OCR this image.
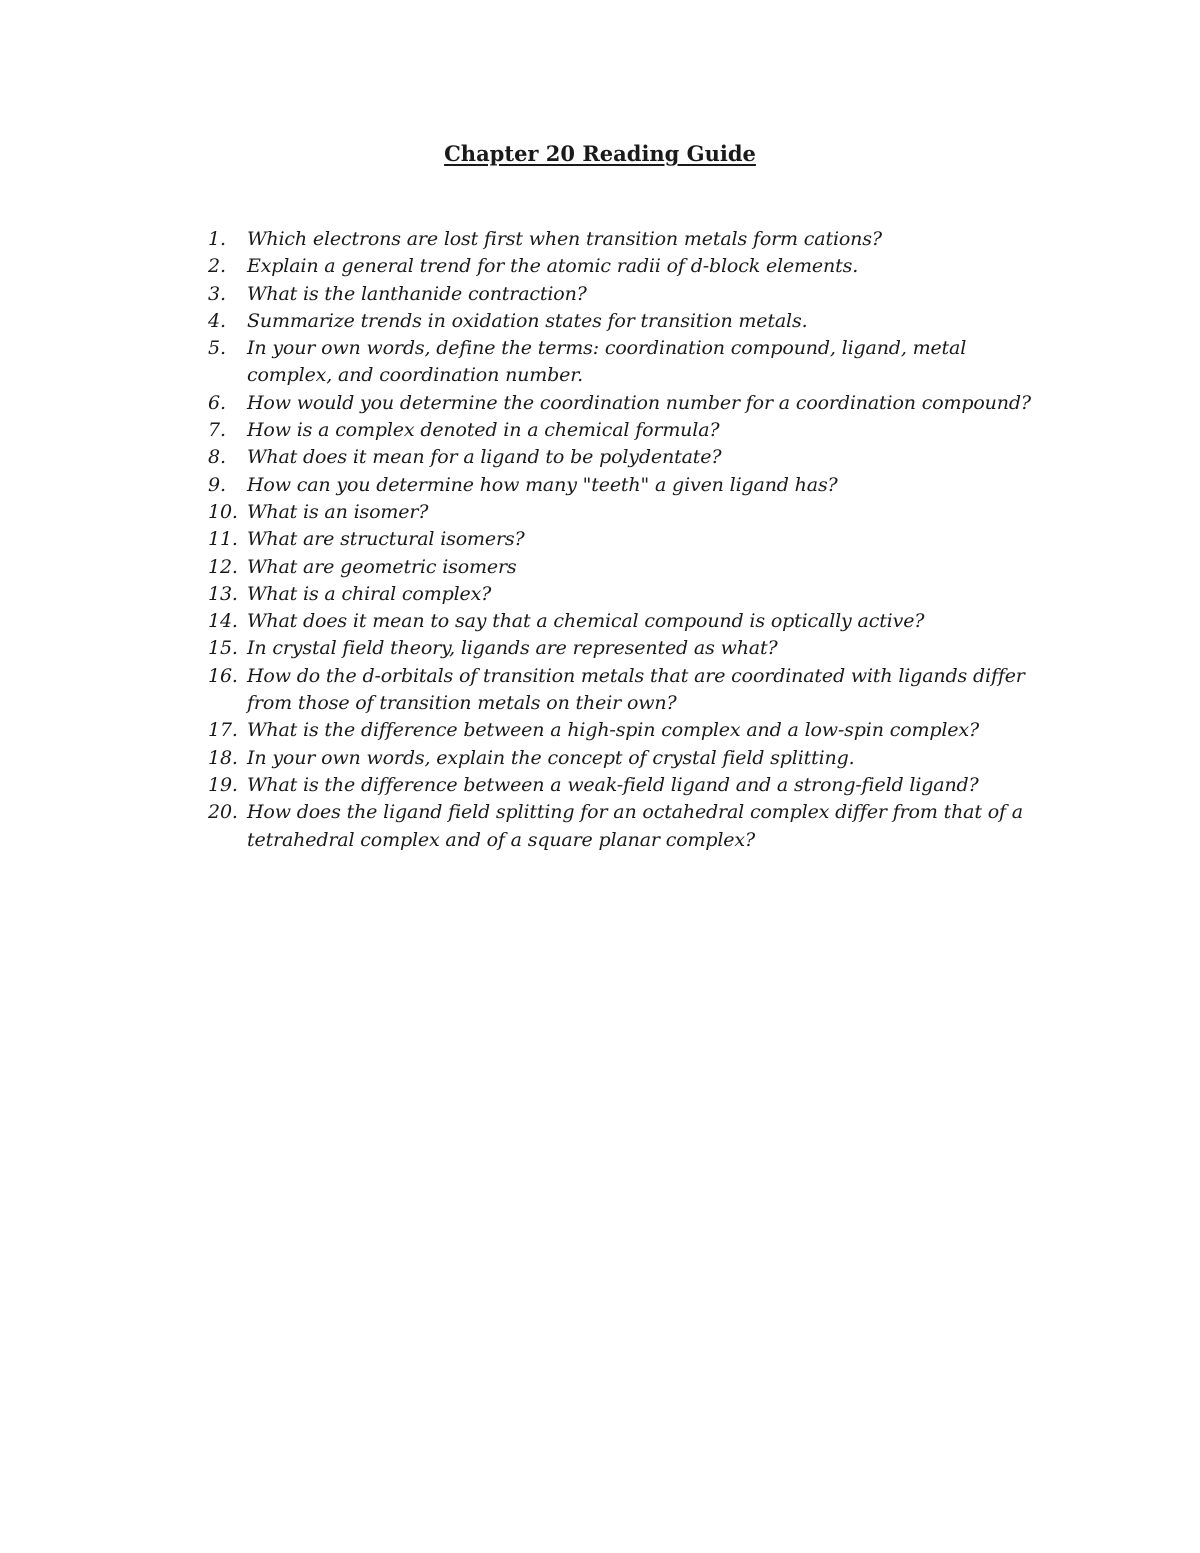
Chapter 20 Reading Guide
1.	Which electrons are lost first when transition metals form cations?
2.	Explain a general trend for the atomic radii of d-block elements.
3.	What is the lanthanide contraction?
4.	Summarize trends in oxidation states for transition metals.
5.	In your own words, define the terms: coordination compound, ligand, metal complex, and coordination number.
6.	How would you determine the coordination number for a coordination compound?
7.	How is a complex denoted in a chemical formula?
8.	What does it mean for a ligand to be polydentate?
9.	How can you determine how many "teeth" a given ligand has?
10. What is an isomer?
11. What are structural isomers?
12. What are geometric isomers
13. What is a chiral complex?
14. What does it mean to say that a chemical compound is optically active?
15. In crystal field theory, ligands are represented as what?
16. How do the d-orbitals of transition metals that are coordinated with ligands differ from those of transition metals on their own?
17. What is the difference between a high-spin complex and a low-spin complex?
18. In your own words, explain the concept of crystal field splitting.
19. What is the difference between a weak-field ligand and a strong-field ligand?
20. How does the ligand field splitting for an octahedral complex differ from that of a tetrahedral complex and of a square planar complex?
